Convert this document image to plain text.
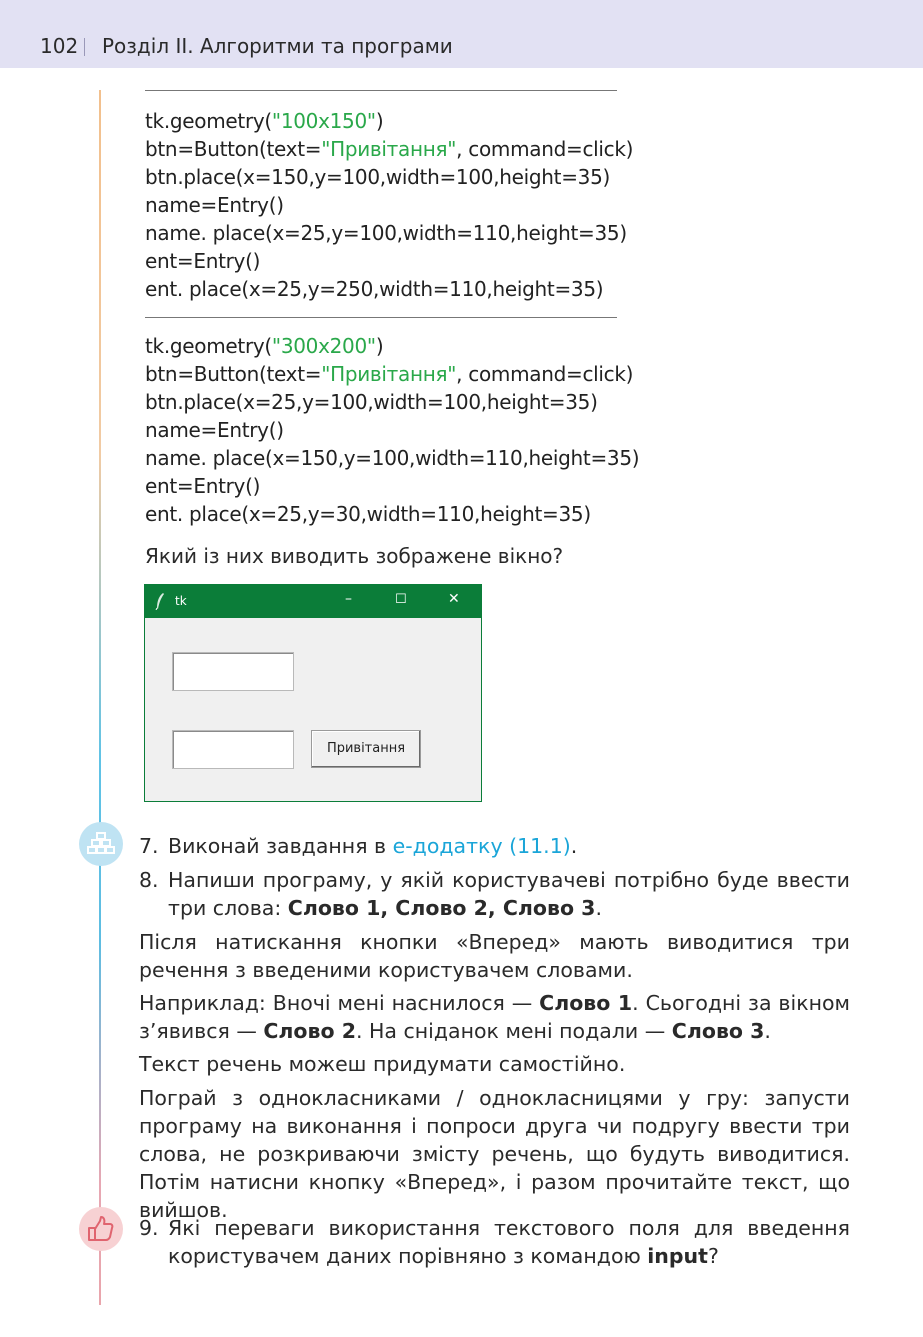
102 Розділ ІІ. Алгоритми та програми
tk.geometry("100x150")
btn=Button(text="Привітання", command=click)
btn.place(x=150,y=100,width=100,height=35)
name=Entry()
name. place(x=25,y=100,width=110,height=35)
ent=Entry()
ent. place(x=25,y=250,width=110,height=35)
tk.geometry("300x200")
btn=Button(text="Привітання", command=click)
btn.place(x=25,y=100,width=100,height=35)
name=Entry()
name. place(x=150,y=100,width=110,height=35)
ent=Entry()
ent. place(x=25,y=30,width=110,height=35)
Який із них виводить зображене вікно?
tk	–	☐	✕
Привітання
7. Виконай завдання в е-додатку (11.1).
8. Напиши програму, у якій користувачеві потрібно буде ввести три слова: Слово 1, Слово 2, Слово 3.
Після натискання кнопки «Вперед» мають виводитися три речення з введеними користувачем словами.
Наприклад: Вночі мені наснилося — Слово 1. Сьогодні за вікном з’явився — Слово 2. На сніданок мені подали — Слово 3.
Текст речень можеш придумати самостійно.
Пограй з однокласниками / однокласницями у гру: запусти програму на виконання і попроси друга чи подругу ввести три слова, не розкриваючи змісту речень, що будуть виводитися. Потім натисни кнопку «Вперед», і разом прочитайте текст, що вийшов.
9. Які переваги використання текстового поля для введення користувачем даних порівняно з командою input?
